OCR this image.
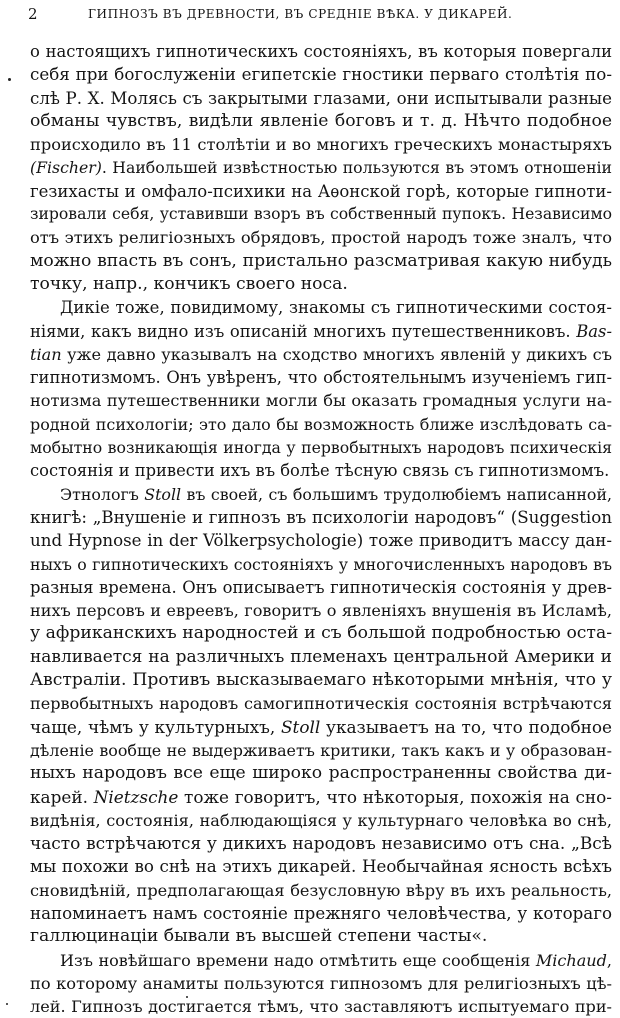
2	ГИПНОЗЪ ВЪ ДРЕВНОСТИ, ВЪ СРЕДНІЕ ВѢКА. У ДИКАРЕЙ.
о настоящихъ гипнотическихъ состояніяхъ, въ которыя повергали
себя при богослуженіи египетскіе гностики перваго столѣтія по-
слѣ Р. Х. Молясь съ закрытыми глазами, они испытывали разные
обманы чувствъ, видѣли явленіе боговъ и т. д. Нѣчто подобное
происходило въ 11 столѣтіи и во многихъ греческихъ монастыряхъ
(Fischer). Наибольшей извѣстностью пользуются въ этомъ отношеніи
гезихасты и омфало-психики на Аѳонской горѣ, которые гипноти-
зировали себя, уставивши взоръ въ собственный пупокъ. Независимо
отъ этихъ религіозныхъ обрядовъ, простой народъ тоже зналъ, что
можно впасть въ сонъ, пристально разсматривая какую нибудь
точку, напр., кончикъ своего носа.
Дикіе тоже, повидимому, знакомы съ гипнотическими состоя-
ніями, какъ видно изъ описаній многихъ путешественниковъ. Bas-
tian уже давно указывалъ на сходство многихъ явленій у дикихъ съ
гипнотизмомъ. Онъ увѣренъ, что обстоятельнымъ изученіемъ гип-
нотизма путешественники могли бы оказать громадныя услуги на-
родной психологіи; это дало бы возможность ближе изслѣдовать са-
мобытно возникающія иногда у первобытныхъ народовъ психическія
состоянія и привести ихъ въ болѣе тѣсную связь съ гипнотизмомъ.
Этнологъ Stoll въ своей, съ большимъ трудолюбіемъ написанной,
книгѣ: „Внушеніе и гипнозъ въ психологіи народовъ“ (Suggestion
und Hypnose in der Völkerpsychologie) тоже приводитъ массу дан-
ныхъ о гипнотическихъ состояніяхъ у многочисленныхъ народовъ въ
разныя времена. Онъ описываетъ гипнотическія состоянія у древ-
нихъ персовъ и евреевъ, говоритъ о явленіяхъ внушенія въ Исламѣ,
у африканскихъ народностей и съ большой подробностью оста-
навливается на различныхъ племенахъ центральной Америки и
Австраліи. Противъ высказываемаго нѣкоторыми мнѣнія, что у
первобытныхъ народовъ самогипнотическія состоянія встрѣчаются
чаще, чѣмъ у культурныхъ, Stoll указываетъ на то, что подобное
дѣленіе вообще не выдерживаетъ критики, такъ какъ и у образован-
ныхъ народовъ все еще широко распространенны свойства ди-
карей. Nietzsche тоже говоритъ, что нѣкоторыя, похожія на сно-
видѣнія, состоянія, наблюдающіяся у культурнаго человѣка во снѣ,
часто встрѣчаются у дикихъ народовъ независимо отъ сна. „Всѣ
мы похожи во снѣ на этихъ дикарей. Необычайная ясность всѣхъ
сновидѣній, предполагающая безусловную вѣру въ ихъ реальность,
напоминаетъ намъ состояніе прежняго человѣчества, у котораго
галлюцинаціи бывали въ высшей степени часты«.
Изъ новѣйшаго времени надо отмѣтить еще сообщенія Michaud,
по которому анамиты пользуются гипнозомъ для религіозныхъ цѣ-
лей. Гипнозъ достигается тѣмъ, что заставляютъ испытуемаго при-
